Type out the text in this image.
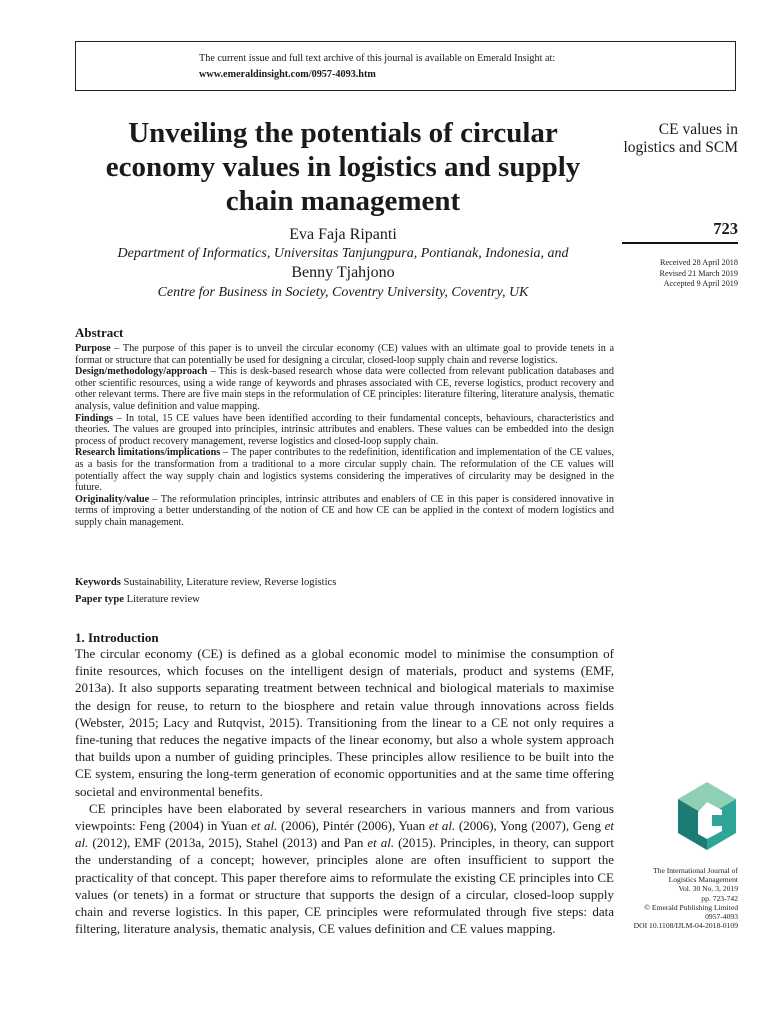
The current issue and full text archive of this journal is available on Emerald Insight at:
www.emeraldinsight.com/0957-4093.htm
Unveiling the potentials of circular economy values in logistics and supply chain management
CE values in logistics and SCM
723
Received 28 April 2018
Revised 21 March 2019
Accepted 9 April 2019
Eva Faja Ripanti
Department of Informatics, Universitas Tanjungpura, Pontianak, Indonesia, and
Benny Tjahjono
Centre for Business in Society, Coventry University, Coventry, UK
Abstract

Purpose – The purpose of this paper is to unveil the circular economy (CE) values with an ultimate goal to provide tenets in a format or structure that can potentially be used for designing a circular, closed-loop supply chain and reverse logistics.

Design/methodology/approach – This is desk-based research whose data were collected from relevant publication databases and other scientific resources, using a wide range of keywords and phrases associated with CE, reverse logistics, product recovery and other relevant terms. There are five main steps in the reformulation of CE principles: literature filtering, literature analysis, thematic analysis, value definition and value mapping.

Findings – In total, 15 CE values have been identified according to their fundamental concepts, behaviours, characteristics and theories. The values are grouped into principles, intrinsic attributes and enablers. These values can be embedded into the design process of product recovery management, reverse logistics and closed-loop supply chain.

Research limitations/implications – The paper contributes to the redefinition, identification and implementation of the CE values, as a basis for the transformation from a traditional to a more circular supply chain. The reformulation of the CE values will potentially affect the way supply chain and logistics systems considering the imperatives of circularity may be designed in the future.

Originality/value – The reformulation principles, intrinsic attributes and enablers of CE in this paper is considered innovative in terms of improving a better understanding of the notion of CE and how CE can be applied in the context of modern logistics and supply chain management.

Keywords Sustainability, Literature review, Reverse logistics
Paper type Literature review
1. Introduction

The circular economy (CE) is defined as a global economic model to minimise the consumption of finite resources, which focuses on the intelligent design of materials, product and systems (EMF, 2013a). It also supports separating treatment between technical and biological materials to maximise the design for reuse, to return to the biosphere and retain value through innovations across fields (Webster, 2015; Lacy and Rutqvist, 2015). Transitioning from the linear to a CE not only requires a fine-tuning that reduces the negative impacts of the linear economy, but also a whole system approach that builds upon a number of guiding principles. These principles allow resilience to be built into the CE system, ensuring the long-term generation of economic opportunities and at the same time offering societal and environmental benefits.

CE principles have been elaborated by several researchers in various manners and from various viewpoints: Feng (2004) in Yuan et al. (2006), Pintér (2006), Yuan et al. (2006), Yong (2007), Geng et al. (2012), EMF (2013a, 2015), Stahel (2013) and Pan et al. (2015). Principles, in theory, can support the understanding of a concept; however, principles alone are often insufficient to support the practicality of that concept. This paper therefore aims to reformulate the existing CE principles into CE values (or tenets) in a format or structure that supports the design of a circular, closed-loop supply chain and reverse logistics. In this paper, CE principles were reformulated through five steps: data filtering, literature analysis, thematic analysis, CE values definition and CE values mapping.

The International Journal of
Logistics Management
Vol. 30 No. 3, 2019
pp. 723-742
© Emerald Publishing Limited
0957-4093
DOI 10.1108/IJLM-04-2018-0109
